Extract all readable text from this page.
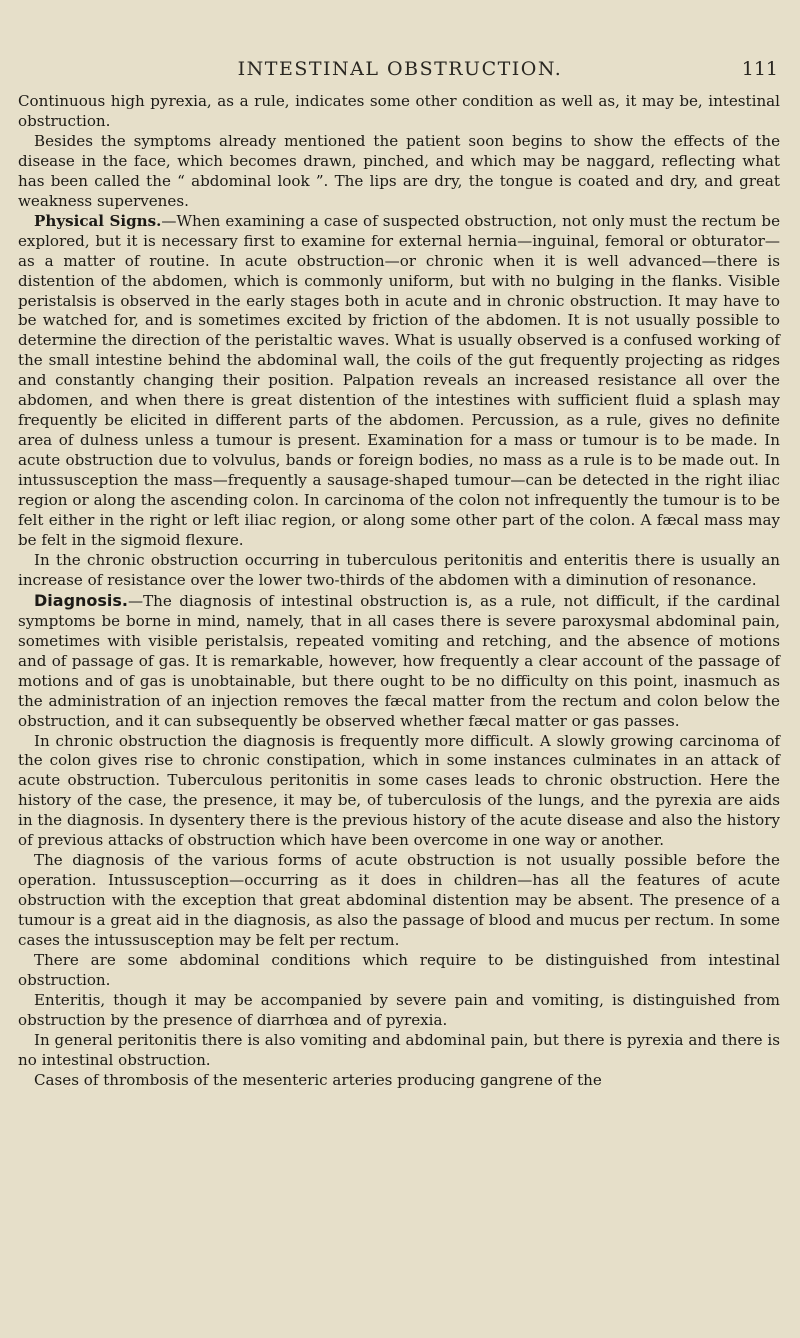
INTESTINAL OBSTRUCTION.	111

Continuous high pyrexia, as a rule, indicates some other condition as well as, it may be, intestinal obstruction.

Besides the symptoms already mentioned the patient soon begins to show the effects of the disease in the face, which becomes drawn, pinched, and which may be naggard, reflecting what has been called the “ abdominal look ”. The lips are dry, the tongue is coated and dry, and great weakness supervenes.

Physical Signs.—When examining a case of suspected obstruction, not only must the rectum be explored, but it is necessary first to examine for external hernia—inguinal, femoral or obturator—as a matter of routine. In acute obstruction—or chronic when it is well advanced—there is distention of the abdomen, which is commonly uniform, but with no bulging in the flanks. Visible peristalsis is observed in the early stages both in acute and in chronic obstruction. It may have to be watched for, and is sometimes excited by friction of the abdomen. It is not usually possible to determine the direction of the peristaltic waves. What is usually observed is a confused working of the small intestine behind the abdominal wall, the coils of the gut frequently projecting as ridges and constantly changing their position. Palpation reveals an increased resistance all over the abdomen, and when there is great distention of the intestines with sufficient fluid a splash may frequently be elicited in different parts of the abdomen. Percussion, as a rule, gives no definite area of dulness unless a tumour is present. Examination for a mass or tumour is to be made. In acute obstruction due to volvulus, bands or foreign bodies, no mass as a rule is to be made out. In intussusception the mass—frequently a sausage-shaped tumour—can be detected in the right iliac region or along the ascending colon. In carcinoma of the colon not infrequently the tumour is to be felt either in the right or left iliac region, or along some other part of the colon. A fæcal mass may be felt in the sigmoid flexure.

In the chronic obstruction occurring in tuberculous peritonitis and enteritis there is usually an increase of resistance over the lower two-thirds of the abdomen with a diminution of resonance.

Diagnosis.—The diagnosis of intestinal obstruction is, as a rule, not difficult, if the cardinal symptoms be borne in mind, namely, that in all cases there is severe paroxysmal abdominal pain, sometimes with visible peristalsis, repeated vomiting and retching, and the absence of motions and of passage of gas. It is remarkable, however, how frequently a clear account of the passage of motions and of gas is unobtainable, but there ought to be no difficulty on this point, inasmuch as the administration of an injection removes the fæcal matter from the rectum and colon below the obstruction, and it can subsequently be observed whether fæcal matter or gas passes.

In chronic obstruction the diagnosis is frequently more difficult. A slowly growing carcinoma of the colon gives rise to chronic constipation, which in some instances culminates in an attack of acute obstruction. Tuberculous peritonitis in some cases leads to chronic obstruction. Here the history of the case, the presence, it may be, of tuberculosis of the lungs, and the pyrexia are aids in the diagnosis. In dysentery there is the previous history of the acute disease and also the history of previous attacks of obstruction which have been overcome in one way or another.

The diagnosis of the various forms of acute obstruction is not usually possible before the operation. Intussusception—occurring as it does in children—has all the features of acute obstruction with the exception that great abdominal distention may be absent. The presence of a tumour is a great aid in the diagnosis, as also the passage of blood and mucus per rectum. In some cases the intussusception may be felt per rectum.

There are some abdominal conditions which require to be distinguished from intestinal obstruction.

Enteritis, though it may be accompanied by severe pain and vomiting, is distinguished from obstruction by the presence of diarrhœa and of pyrexia.

In general peritonitis there is also vomiting and abdominal pain, but there is pyrexia and there is no intestinal obstruction.

Cases of thrombosis of the mesenteric arteries producing gangrene of the
